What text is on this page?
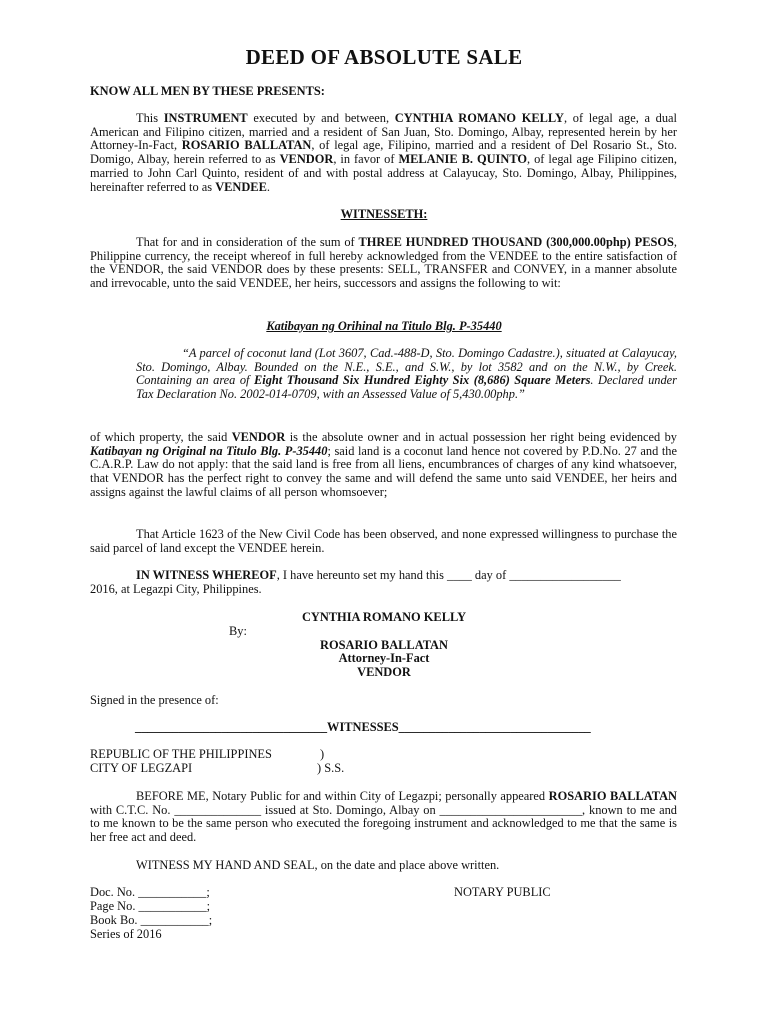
DEED OF ABSOLUTE SALE
KNOW ALL MEN BY THESE PRESENTS:
This INSTRUMENT executed by and between, CYNTHIA ROMANO KELLY, of legal age, a dual American and Filipino citizen, married and a resident of San Juan, Sto. Domingo, Albay, represented herein by her Attorney-In-Fact, ROSARIO BALLATAN, of legal age, Filipino, married and a resident of Del Rosario St., Sto. Domigo, Albay, herein referred to as VENDOR, in favor of MELANIE B. QUINTO, of legal age Filipino citizen, married to John Carl Quinto, resident of and with postal address at Calayucay, Sto. Domingo, Albay, Philippines, hereinafter referred to as VENDEE.
WITNESSETH:
That for and in consideration of the sum of THREE HUNDRED THOUSAND (300,000.00php) PESOS, Philippine currency, the receipt whereof in full hereby acknowledged from the VENDEE to the entire satisfaction of the VENDOR, the said VENDOR does by these presents: SELL, TRANSFER and CONVEY, in a manner absolute and irrevocable, unto the said VENDEE, her heirs, successors and assigns the following to wit:
Katibayan ng Orihinal na Titulo Blg. P-35440
“A parcel of coconut land (Lot 3607, Cad.-488-D, Sto. Domingo Cadastre.), situated at Calayucay, Sto. Domingo, Albay. Bounded on the N.E., S.E., and S.W., by lot 3582 and on the N.W., by Creek. Containing an area of Eight Thousand Six Hundred Eighty Six (8,686) Square Meters. Declared under Tax Declaration No. 2002-014-0709, with an Assessed Value of 5,430.00php.”
of which property, the said VENDOR is the absolute owner and in actual possession her right being evidenced by Katibayan ng Original na Titulo Blg. P-35440; said land is a coconut land hence not covered by P.D.No. 27 and the C.A.R.P. Law do not apply: that the said land is free from all liens, encumbrances of charges of any kind whatsoever, that VENDOR has the perfect right to convey the same and will defend the same unto said VENDEE, her heirs and assigns against the lawful claims of all person whomsoever;
That Article 1623 of the New Civil Code has been observed, and none expressed willingness to purchase the said parcel of land except the VENDEE herein.
IN WITNESS WHEREOF, I have hereunto set my hand this ____ day of __________________
2016, at Legazpi City, Philippines.
CYNTHIA ROMANO KELLY
By:
ROSARIO BALLATAN
Attorney-In-Fact
VENDOR
Signed in the presence of:
_______________________________WITNESSES_______________________________
REPUBLIC OF THE PHILIPPINES	)
CITY OF LEGZAPI	) S.S.
BEFORE ME, Notary Public for and within City of Legazpi; personally appeared ROSARIO BALLATAN with C.T.C. No. ______________ issued at Sto. Domingo, Albay on _______________________, known to me and to me known to be the same person who executed the foregoing instrument and acknowledged to me that the same is her free act and deed.
WITNESS MY HAND AND SEAL, on the date and place above written.
Doc. No. ___________;
Page No. ___________;
Book Bo. ___________;
Series of 2016
NOTARY PUBLIC
